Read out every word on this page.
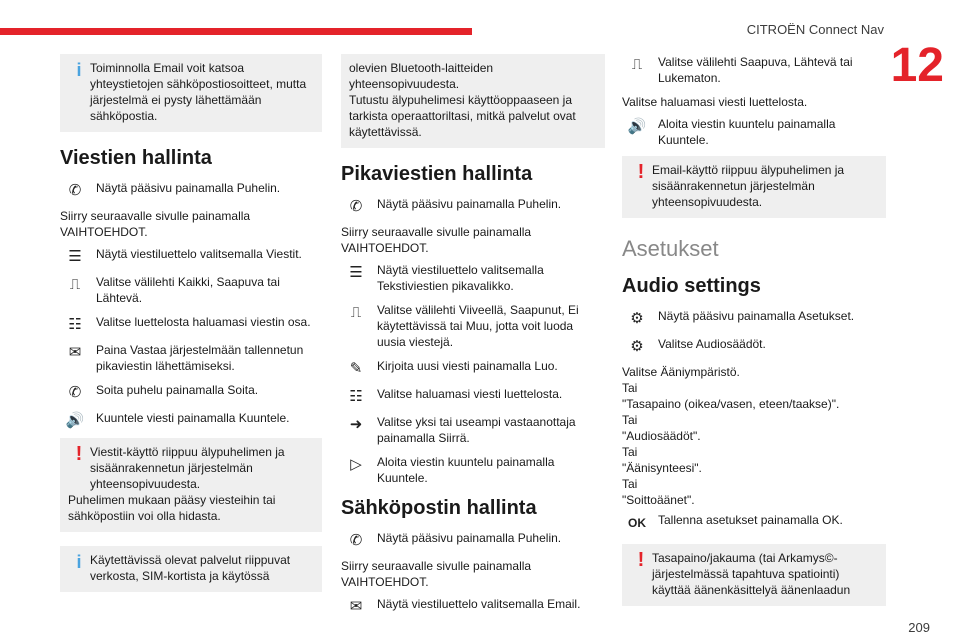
CITROËN Connect Nav
12
i Toiminnolla Email voit katsoa yhteystietojen sähköpostiosoitteet, mutta järjestelmä ei pysty lähettämään sähköpostia.
Viestien hallinta
✆	Näytä pääsivu painamalla Puhelin.
Siirry seuraavalle sivulle painamalla VAIHTOEHDOT.
☰	Näytä viestiluettelo valitsemalla Viestit.
⎍	Valitse välilehti Kaikki, Saapuva tai Lähtevä.
☷	Valitse luettelosta haluamasi viestin osa.
✉	Paina Vastaa järjestelmään tallennetun pikaviestin lähettämiseksi.
✆	Soita puhelu painamalla Soita.
🔊 Kuuntele viesti painamalla Kuuntele.
! Viestit-käyttö riippuu älypuhelimen ja sisäänrakennetun järjestelmän yhteensopivuudesta.
Puhelimen mukaan pääsy viesteihin tai sähköpostiin voi olla hidasta.
i Käytettävissä olevat palvelut riippuvat verkosta, SIM-kortista ja käytössä
olevien Bluetooth-laitteiden yhteensopivuudesta.
Tutustu älypuhelimesi käyttöoppaaseen ja tarkista operaattoriltasi, mitkä palvelut ovat käytettävissä.
Pikaviestien hallinta
✆	Näytä pääsivu painamalla Puhelin.
Siirry seuraavalle sivulle painamalla VAIHTOEHDOT.
☰	Näytä viestiluettelo valitsemalla Tekstiviestien pikavalikko.
⎍	Valitse välilehti Viiveellä, Saapunut, Ei käytettävissä tai Muu, jotta voit luoda uusia viestejä.
✎	Kirjoita uusi viesti painamalla Luo.
☷	Valitse haluamasi viesti luettelosta.
➜	Valitse yksi tai useampi vastaanottaja painamalla Siirrä.
▷	Aloita viestin kuuntelu painamalla Kuuntele.
Sähköpostin hallinta
✆	Näytä pääsivu painamalla Puhelin.
Siirry seuraavalle sivulle painamalla VAIHTOEHDOT.
✉	Näytä viestiluettelo valitsemalla Email.
⎍	Valitse välilehti Saapuva, Lähtevä tai Lukematon.
Valitse haluamasi viesti luettelosta.
🔊 Aloita viestin kuuntelu painamalla Kuuntele.
! Email-käyttö riippuu älypuhelimen ja sisäänrakennetun järjestelmän yhteensopivuudesta.
Asetukset
Audio settings
⚙	Näytä pääsivu painamalla Asetukset.
⚙	Valitse Audiosäädöt.
Valitse Ääniympäristö.
Tai
"Tasapaino (oikea/vasen, eteen/taakse)".
Tai
"Audiosäädöt".
Tai
"Äänisynteesi".
Tai
"Soittoäänet".
OK	Tallenna asetukset painamalla OK.
! Tasapaino/jakauma (tai Arkamys©-järjestelmässä tapahtuva spatiointi) käyttää äänenkäsittelyä äänenlaadun
209
